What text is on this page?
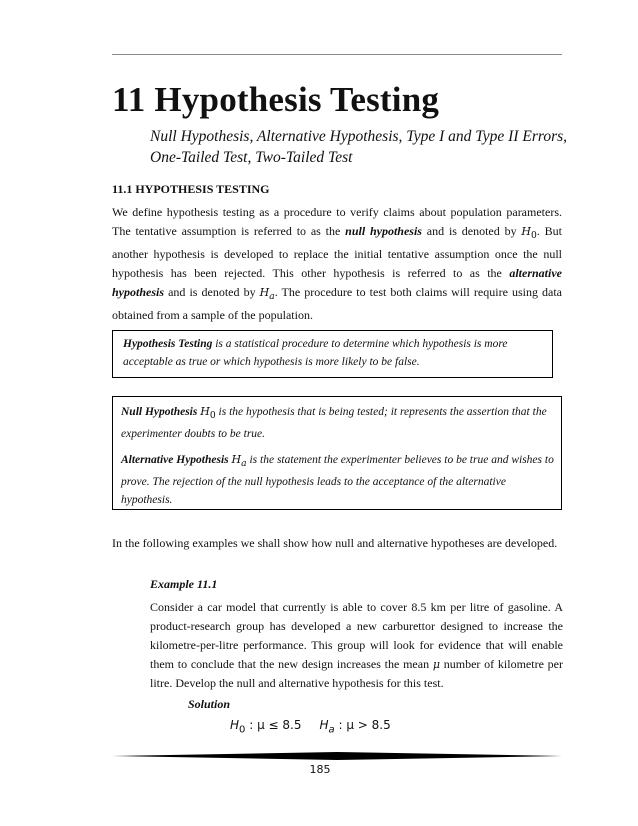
11 Hypothesis Testing
Null Hypothesis, Alternative Hypothesis, Type I and Type II Errors, One-Tailed Test, Two-Tailed Test
11.1 HYPOTHESIS TESTING
We define hypothesis testing as a procedure to verify claims about population parameters. The tentative assumption is referred to as the null hypothesis and is denoted by $H_0$. But another hypothesis is developed to replace the initial tentative assumption once the null hypothesis has been rejected. This other hypothesis is referred to as the alternative hypothesis and is denoted by $H_a$. The procedure to test both claims will require using data obtained from a sample of the population.
Hypothesis Testing is a statistical procedure to determine which hypothesis is more acceptable as true or which hypothesis is more likely to be false.

Null Hypothesis $H_0$ is the hypothesis that is being tested; it represents the assertion that the experimenter doubts to be true.

Alternative Hypothesis $H_a$ is the statement the experimenter believes to be true and wishes to prove. The rejection of the null hypothesis leads to the acceptance of the alternative hypothesis.

In the following examples we shall show how null and alternative hypotheses are developed.
Example 11.1
Consider a car model that currently is able to cover 8.5 km per litre of gasoline. A product-research group has developed a new carburettor designed to increase the kilometre-per-litre performance. This group will look for evidence that will enable them to conclude that the new design increases the mean μ number of kilometre per litre. Develop the null and alternative hypothesis for this test.
Solution
$H_0$ : μ ≤ 8.5 $H_a$ : μ > 8.5
185
